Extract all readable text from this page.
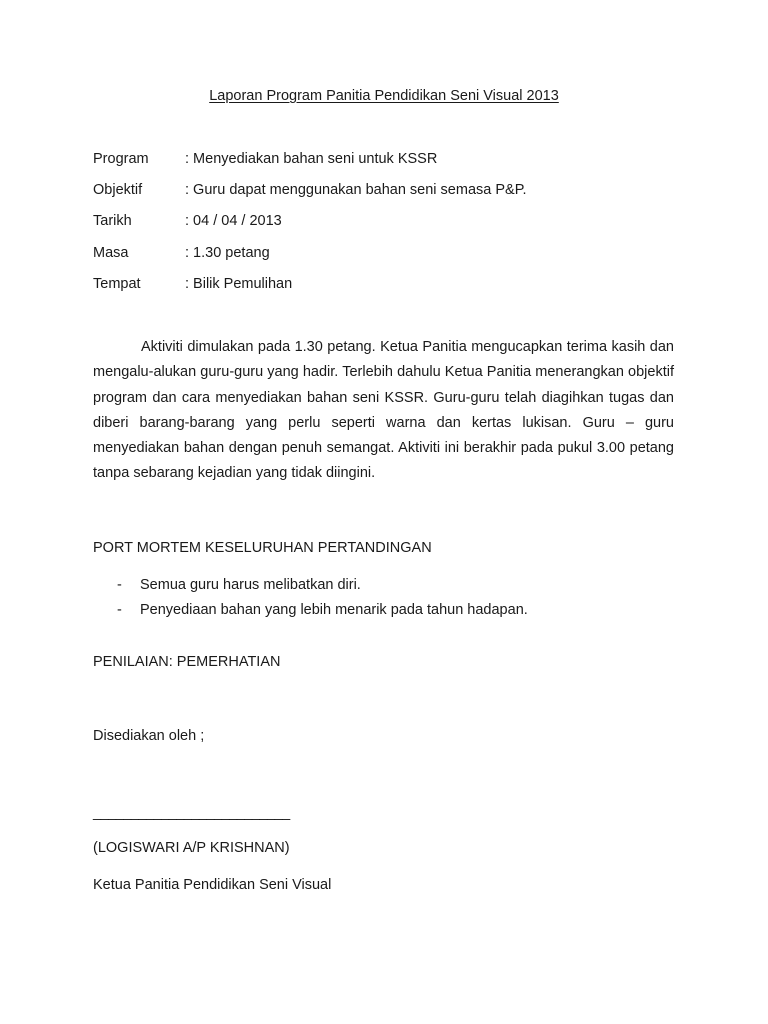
Laporan Program Panitia Pendidikan Seni Visual 2013
Program	: Menyediakan bahan seni untuk KSSR
Objektif	: Guru dapat menggunakan bahan seni semasa P&P.
Tarikh	: 04 / 04 / 2013
Masa	: 1.30 petang
Tempat	: Bilik Pemulihan

Aktiviti dimulakan pada 1.30 petang. Ketua Panitia mengucapkan terima kasih dan mengalu-alukan guru-guru yang hadir. Terlebih dahulu Ketua Panitia menerangkan objektif program dan cara menyediakan bahan seni KSSR. Guru-guru telah diagihkan tugas dan diberi barang-barang yang perlu seperti warna dan kertas lukisan. Guru – guru menyediakan bahan dengan penuh semangat. Aktiviti ini berakhir pada pukul 3.00 petang tanpa sebarang kejadian yang tidak diingini.

PORT MORTEM KESELURUHAN PERTANDINGAN
- Semua guru harus melibatkan diri.
- Penyediaan bahan yang lebih menarik pada tahun hadapan.
PENILAIAN: PEMERHATIAN
Disediakan oleh ;
__________________________
(LOGISWARI A/P KRISHNAN)
Ketua Panitia Pendidikan Seni Visual
